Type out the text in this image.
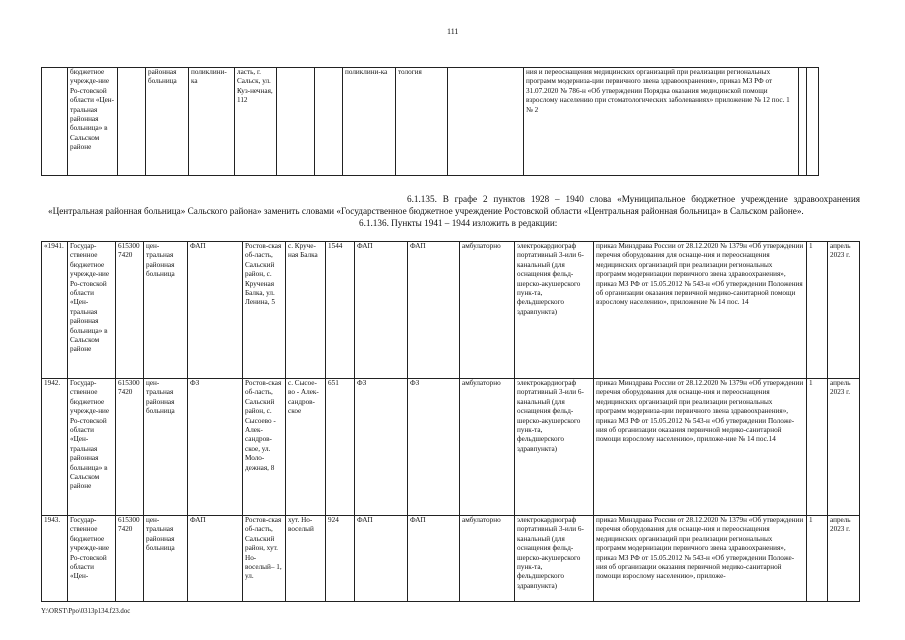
111
	бюджетное учрежде-ние Ро-стовской области «Цен-тральная районная больница» в Сальском районе		районная больница	поликлини-ка	ласть, г. Сальск, ул. Куз-нечная, 112			поликлини-ка	тология		ния и переоснащения медицинских организаций при реализации региональных программ модерниза-ции первичного звена здравоохранения», приказ МЗ РФ от 31.07.2020 № 786-н «Об утверждении Порядка оказания медицинской помощи взрослому населению при стоматологических заболеваниях» приложение № 12 пос. 1 № 2		
6.1.135. В графе 2 пунктов 1928 – 1940 слова «Муниципальное бюджетное учреждение здравоохранения «Центральная районная больница» Сальского района» заменить словами «Государственное бюджетное учреждение Ростовской области «Центральная районная больница» в Сальском районе».
6.1.136. Пункты 1941 – 1944 изложить в редакции:
«1941.	Государ-ственное бюджетное учрежде-ние Ро-стовской области «Цен-тральная районная больница» в Сальском районе	615300 7420	цен-тральная районная больница	ФАП	Ростов-ская об-ласть, Сальский район, с. Крученая Балка, ул. Ленина, 5	с. Круче-ная Балка	1544	ФАП	ФАП	амбулаторно	электрокардиограф портативный 3-или 6-канальный (для оснащения фельд-шерско-акушерского пунк-та, фельдшерского здравпункта)	приказ Минздрава России от 28.12.2020 № 1379н «Об утверждении перечня оборудования для оснаще-ния и переоснащения медицинских организаций при реализации региональных программ модернизации первичного звена здравоохранения», приказ МЗ РФ от 15.05.2012 № 543-н «Об утверждении Положения об организации оказания первичной медико-санитарной помощи взрослому населению», приложение № 14 пос. 14	1	апрель 2023 г.
1942.	Государ-ственное бюджетное учрежде-ние Ро-стовской области «Цен-тральная районная больница» в Сальском районе	615300 7420	цен-тральная районная больница	ФЗ	Ростов-ская об-ласть, Сальский район, с. Сысоево - Алек-сандров-ское, ул. Моло-дежная, 8	с. Сысое-во - Алек-сандров-ское	651	ФЗ	ФЗ	амбулаторно	электрокардиограф портативный 3-или 6-канальный (для оснащения фельд-шерско-акушерского пунк-та, фельдшерского здравпункта)	приказ Минздрава России от 28.12.2020 № 1379н «Об утверждении перечня оборудования для оснаще-ния и переоснащения медицинских организаций при реализации региональных программ модерниза-ции первичного звена здравоохранения», приказ МЗ РФ от 15.05.2012 № 543-н «Об утверждении Положе-ния об организации оказания первичной медико-санитарной помощи взрослому населению», приложе-ние № 14 пос.14	1	апрель 2023 г.
1943.	Государ-ственное бюджетное учрежде-ние Ро-стовской области «Цен-	615300 7420	цен-тральная районная больница	ФАП	Ростов-ская об-ласть, Сальский район, хут. Но-воселый– 1, ул.	хут. Но-воселый	924	ФАП	ФАП	амбулаторно	электрокардиограф портативный 3-или 6-канальный (для оснащения фельд-шерско-акушерского пунк-та, фельдшерского здравпункта)	приказ Минздрава России от 28.12.2020 № 1379н «Об утверждении перечня оборудования для оснаще-ния и переоснащения медицинских организаций при реализации региональных программ модернизации первичного звена здравоохранения», приказ МЗ РФ от 15.05.2012 № 543-н «Об утверждении Положе-ния об организации оказания первичной медико-санитарной помощи взрослому населению», приложе-	1	апрель 2023 г.
Y:\ORST\Ppo\0313p134.f23.doc
